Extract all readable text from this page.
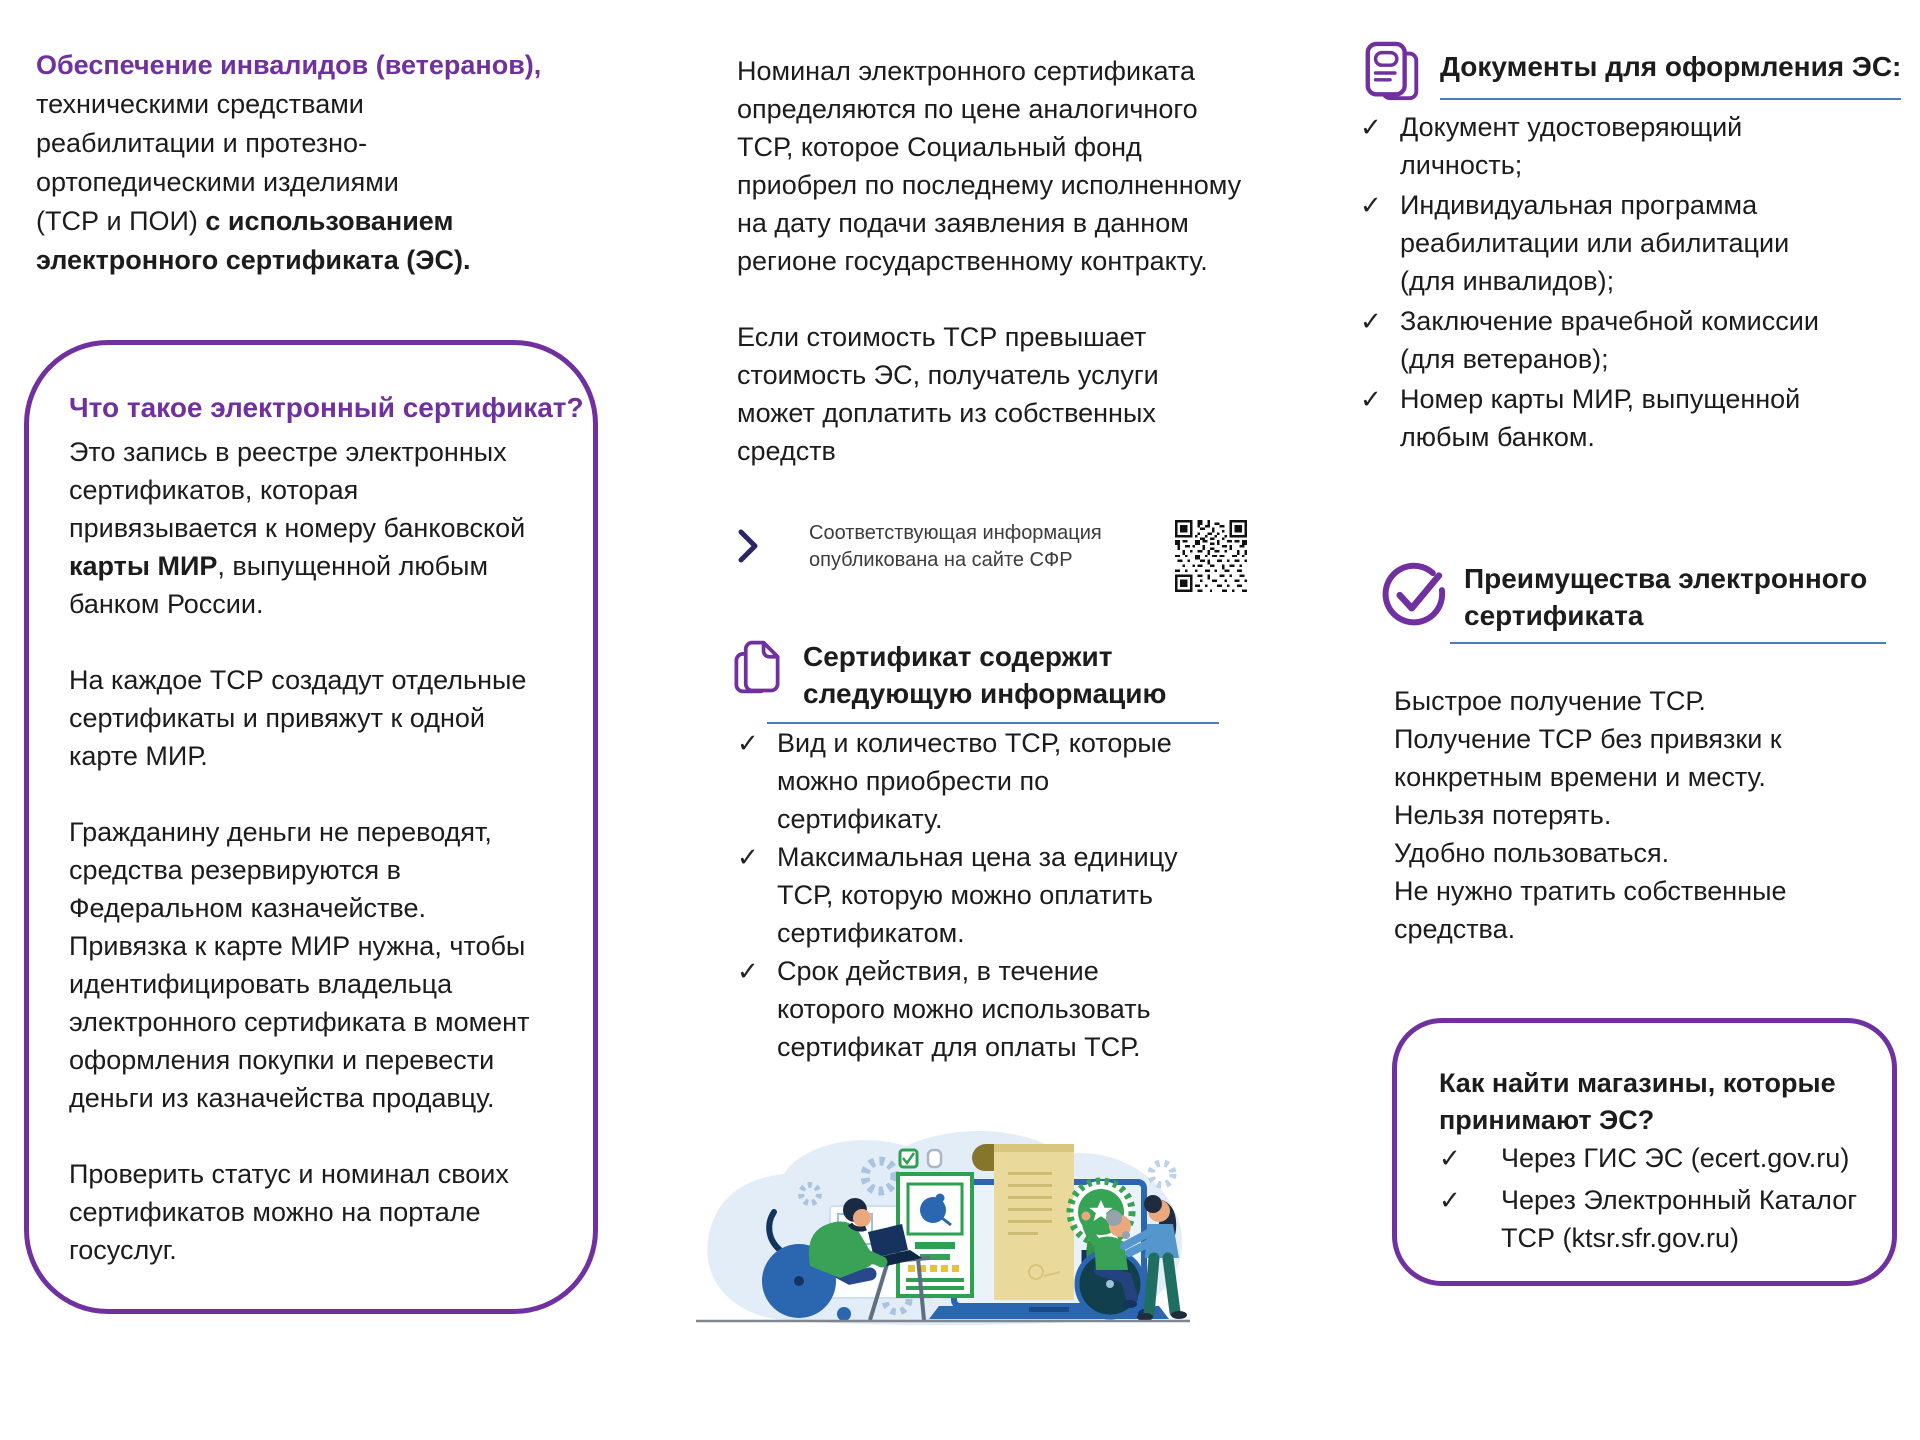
Обеспечение инвалидов (ветеранов),
техническими средствами
реабилитации и протезно-
ортопедическими изделиями
(ТСР и ПОИ) с использованием
электронного сертификата (ЭС).
Что такое электронный сертификат?

Это запись в реестре электронных сертификатов, которая привязывается к номеру банковской карты МИР, выпущенной любым банком России.

На каждое ТСР создадут отдельные сертификаты и привяжут к одной карте МИР.

Гражданину деньги не переводят, средства резервируются в Федеральном казначействе. Привязка к карте МИР нужна, чтобы идентифицировать владельца электронного сертификата в момент оформления покупки и перевести деньги из казначейства продавцу.

Проверить статус и номинал своих сертификатов можно на портале госуслуг.

Номинал электронного сертификата определяются по цене аналогичного ТСР, которое Социальный фонд приобрел по последнему исполненному на дату подачи заявления в данном регионе государственному контракту.

Если стоимость ТСР превышает стоимость ЭС, получатель услуги может доплатить из собственных средств

Соответствующая информация
опубликована на сайте СФР
Сертификат содержит
следующую информацию
✓ Вид и количество ТСР, которые можно приобрести по сертификату.
✓ Максимальная цена за единицу ТСР, которую можно оплатить сертификатом.
✓ Срок действия, в течение которого можно использовать сертификат для оплаты ТСР.
Документы для оформления ЭС:
✓ Документ удостоверяющий личность;
✓ Индивидуальная программа реабилитации или абилитации (для инвалидов);
✓ Заключение врачебной комиссии (для ветеранов);
✓ Номер карты МИР, выпущенной любым банком.
Преимущества электронного
сертификата
Быстрое получение ТСР.
Получение ТСР без привязки к конкретным времени и месту.
Нельзя потерять.
Удобно пользоваться.
Не нужно тратить собственные средства.
Как найти магазины, которые
принимают ЭС?
✓	Через ГИС ЭС (ecert.gov.ru)
✓	Через Электронный Каталог ТСР (ktsr.sfr.gov.ru)
